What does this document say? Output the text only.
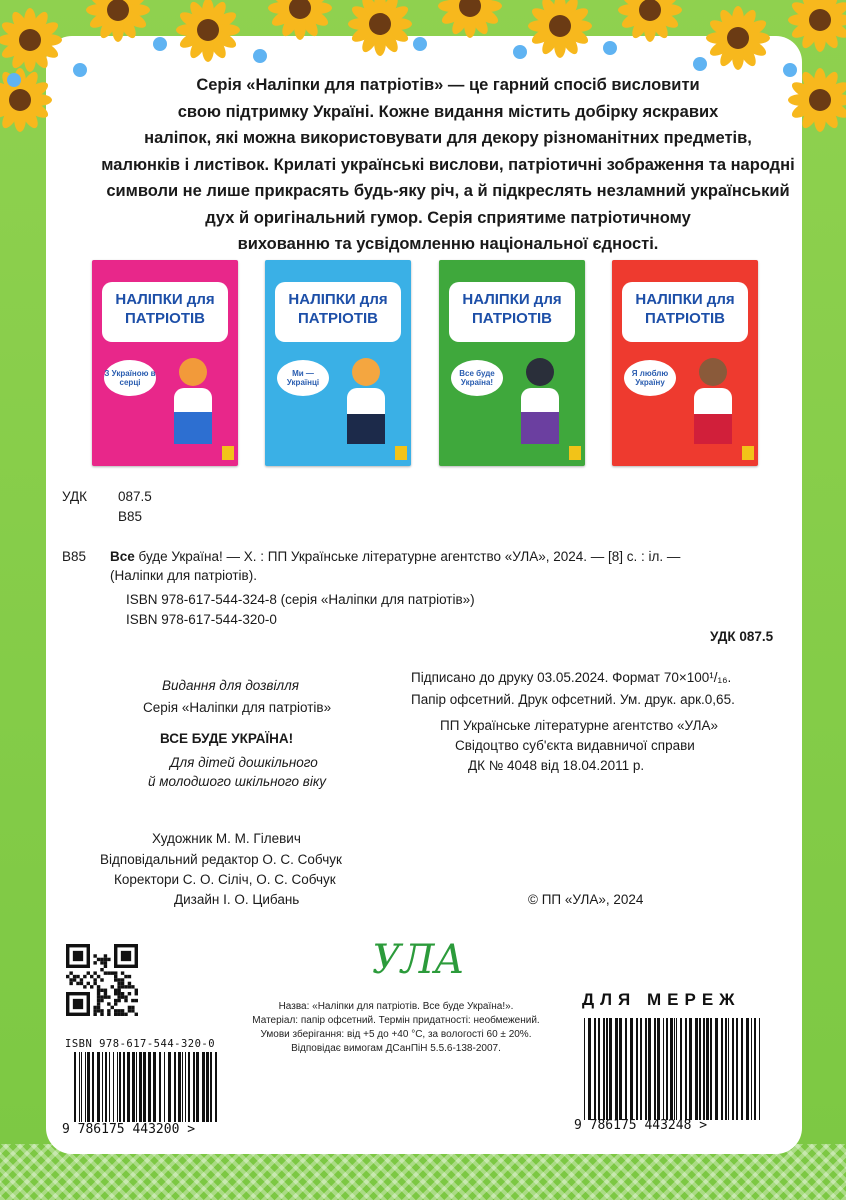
Серія «Наліпки для патріотів» — це гарний спосіб висловити
свою підтримку Україні. Кожне видання містить добірку яскравих
наліпок, які можна використовувати для декору різноманітних предметів,
малюнків і листівок. Крилаті українські вислови, патріотичні зображення та народні
символи не лише прикрасять будь-яку річ, а й підкреслять незламний український
дух й оригінальний гумор. Серія сприятиме патріотичному
вихованню та усвідомленню національної єдності.
НАЛІПКИ для ПАТРІОТІВ
З Україною в серці
НАЛІПКИ для ПАТРІОТІВ
Ми — Українці
НАЛІПКИ для ПАТРІОТІВ
Все буде Україна!
НАЛІПКИ для ПАТРІОТІВ
Я люблю Україну
УДК 087.5
В85
В85 Все буде Україна! — Х. : ПП Українське літературне агентство «УЛА», 2024. — [8] с. : іл. —
(Наліпки для патріотів).
ISBN 978-617-544-324-8 (серія «Наліпки для патріотів»)
ISBN 978-617-544-320-0
УДК 087.5
Видання для дозвілля
Серія «Наліпки для патріотів»
ВСЕ БУДЕ УКРАЇНА!
Для дітей дошкільного
й молодшого шкільного віку
Підписано до друку 03.05.2024. Формат 70×100¹/₁₆.
Папір офсетний. Друк офсетний. Ум. друк. арк.0,65.
ПП Українське літературне агентство «УЛА»
Свідоцтво суб'єкта видавничої справи
ДК № 4048 від 18.04.2011 р.
Художник М. М. Гілевич
Відповідальний редактор О. С. Собчук
Коректори С. О. Сіліч, О. С. Собчук
Дизайн І. О. Цибань	© ПП «УЛА», 2024
УЛА
Назва: «Наліпки для патріотів. Все буде Україна!».
Матеріал: папір офсетний. Термін придатності: необмежений.
Умови зберігання: від +5 до +40 °С, за вологості 60 ± 20%.
Відповідає вимогам ДСанПіН 5.5.6-138-2007.
ДЛЯ МЕРЕЖ
ISBN 978-617-544-320-0
9 786175 443200 >	9 786175 443248 >
